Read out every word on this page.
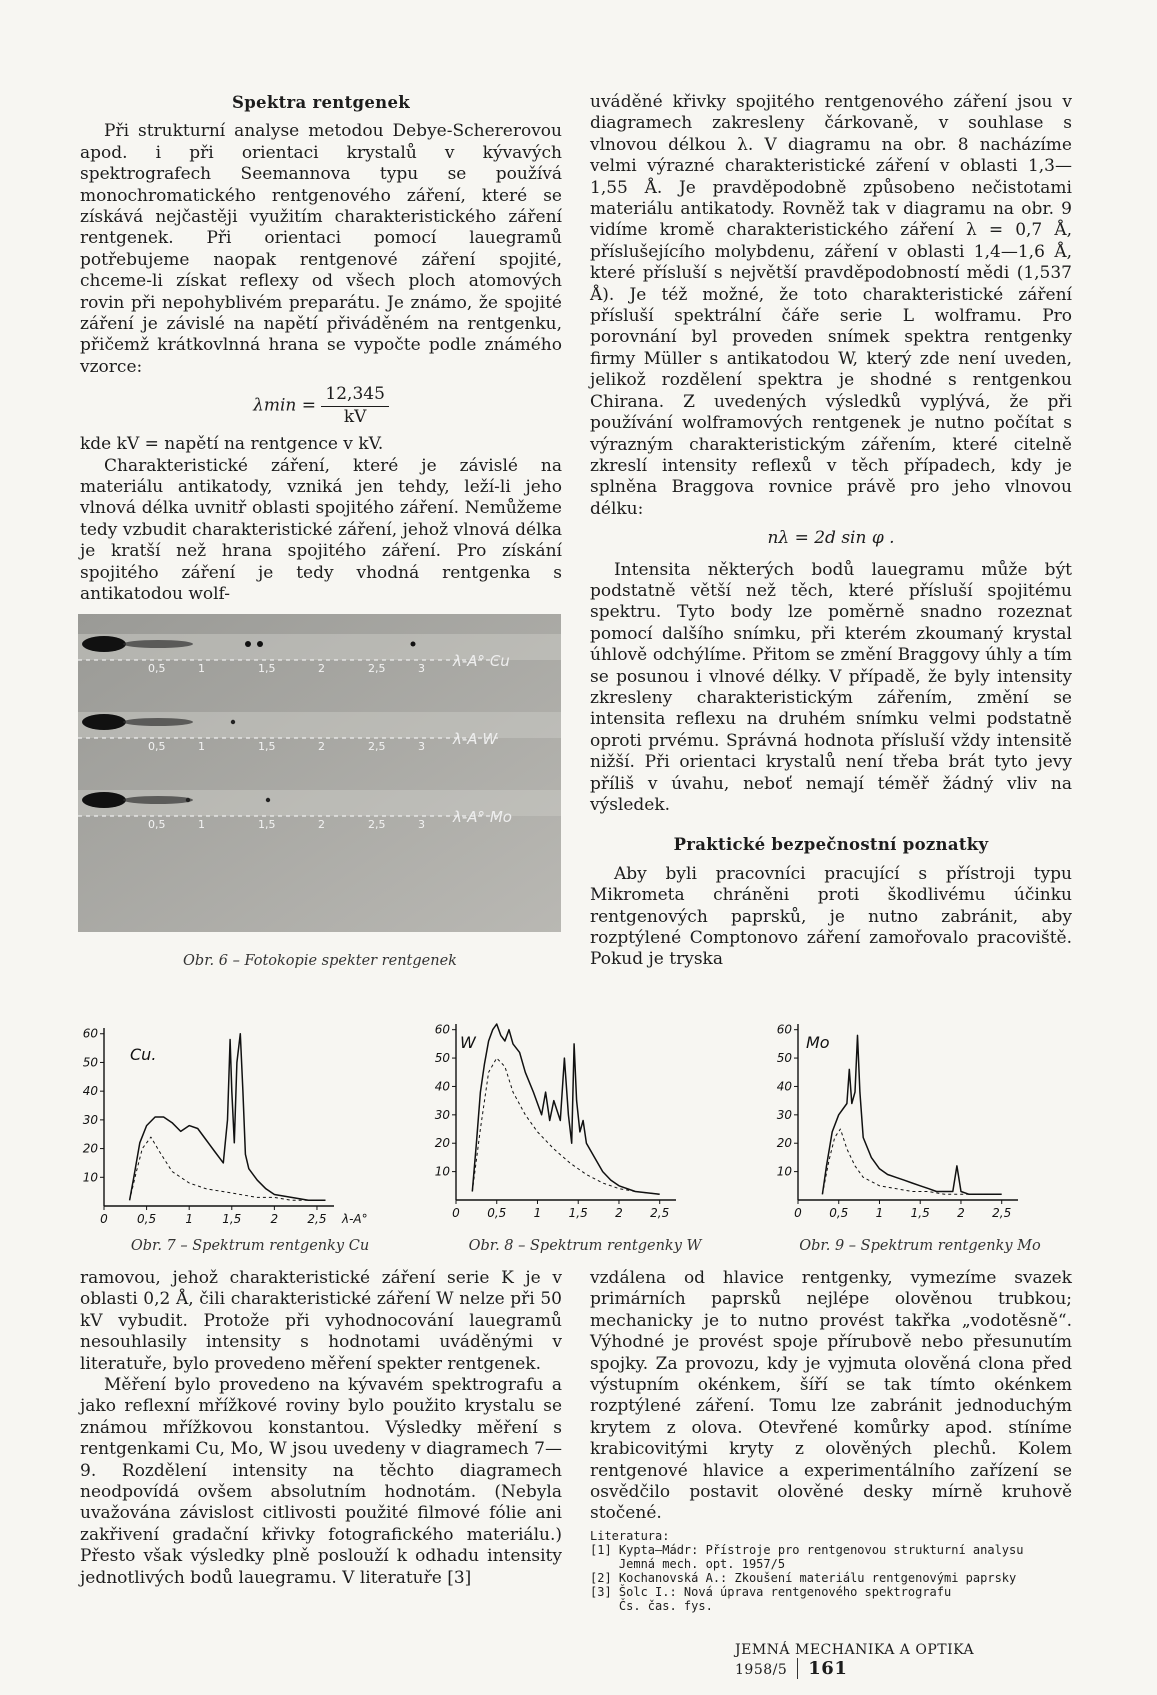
Spektra rentgenek

Při strukturní analyse metodou Debye-Schererovou apod. i při orientaci krystalů v kývavých spektrografech Seemannova typu se používá monochromatického rentgenového záření, které se získává nejčastěji využitím charakteristického záření rentgenek. Při orientaci pomocí lauegramů potřebujeme naopak rentgenové záření spojité, chceme-li získat reflexy od všech ploch atomových rovin při nepohyblivém preparátu. Je známo, že spojité záření je závislé na napětí přiváděném na rentgenku, přičemž krátkovlnná hrana se vypočte podle známého vzorce:

$\lambda\min = \frac{12,345}{kV}$

kde kV = napětí na rentgence v kV.

Charakteristické záření, které je závislé na materiálu antikatody, vzniká jen tehdy, leží-li jeho vlnová délka uvnitř oblasti spojitého záření. Nemůžeme tedy vzbudit charakteristické záření, jehož vlnová délka je kratší než hrana spojitého záření. Pro získání spojitého záření je tedy vhodná rentgenka s antikatodou wolf-

uváděné křivky spojitého rentgenového záření jsou v diagramech zakresleny čárkovaně, v souhlase s vlnovou délkou λ. V diagramu na obr. 8 nacházíme velmi výrazné charakteristické záření v oblasti 1,3—1,55 Å. Je pravděpodobně způsobeno nečistotami materiálu antikatody. Rovněž tak v diagramu na obr. 9 vidíme kromě charakteristického záření λ = 0,7 Å, příslušejícího molybdenu, záření v oblasti 1,4—1,6 Å, které přísluší s největší pravděpodobností mědi (1,537 Å). Je též možné, že toto charakteristické záření přísluší spektrální čáře serie L wolframu. Pro porovnání byl proveden snímek spektra rentgenky firmy Müller s antikatodou W, který zde není uveden, jelikož rozdělení spektra je shodné s rentgenkou Chirana. Z uvedených výsledků vyplývá, že při používání wolframových rentgenek je nutno počítat s výrazným charakteristickým zářením, které citelně zkreslí intensity reflexů v těch případech, kdy je splněna Braggova rovnice právě pro jeho vlnovou délku:

nλ = 2d sin φ .

Intensita některých bodů lauegramu může být podstatně větší než těch, které přísluší spojitému spektru. Tyto body lze poměrně snadno rozeznat pomocí dalšího snímku, při kterém zkoumaný krystal úhlově odchýlíme. Přitom se změní Braggovy úhly a tím se posunou i vlnové délky. V případě, že byly intensity zkresleny charakteristickým zářením, změní se intensita reflexu na druhém snímku velmi podstatně oproti prvému. Správná hodnota přísluší vždy intensitě nižší. Při orientaci krystalů není třeba brát tyto jevy příliš v úvahu, neboť nemají téměř žádný vliv na výsledek.

Praktické bezpečnostní poznatky

Aby byli pracovníci pracující s přístroji typu Mikrometa chráněni proti škodlivému účinku rentgenových paprsků, je nutno zabránit, aby rozptýlené Comptonovo záření zamořovalo pracoviště. Pokud je tryska

0,5	1	1,5	2	2,5	3 λ-A° Cu
0,5	1	1,5	2	2,5	3 λ-A W
0,5	1	1,5	2	2,5	3 λ-A° Mo
Obr. 6 – Fotokopie spekter rentgenek
10
20
30
40
50
60
0 0,5 1 1,5 2 2,5 λ-A°
Cu.
10
20
30
40
50
60
0 0,5 1 1,5 2 2,5
W
10
20
30
40
50
60
0 0,5 1 1,5 2 2,5
Mo
Obr. 7 – Spektrum rentgenky Cu	Obr. 8 – Spektrum rentgenky W	Obr. 9 – Spektrum rentgenky Mo

ramovou, jehož charakteristické záření serie K je v oblasti 0,2 Å, čili charakteristické záření W nelze při 50 kV vybudit. Protože při vyhodnocování lauegramů nesouhlasily intensity s hodnotami uváděnými v literatuře, bylo provedeno měření spekter rentgenek.

Měření bylo provedeno na kývavém spektrografu a jako reflexní mřížkové roviny bylo použito krystalu se známou mřížkovou konstantou. Výsledky měření s rentgenkami Cu, Mo, W jsou uvedeny v diagramech 7—9. Rozdělení intensity na těchto diagramech neodpovídá ovšem absolutním hodnotám. (Nebyla uvažována závislost citlivosti použité filmové fólie ani zakřivení gradační křivky fotografického materiálu.) Přesto však výsledky plně poslouží k odhadu intensity jednotlivých bodů lauegramu. V literatuře [3]

vzdálena od hlavice rentgenky, vymezíme svazek primárních paprsků nejlépe olověnou trubkou; mechanicky je to nutno provést takřka „vodotěsně“. Výhodné je provést spoje přírubově nebo přesunutím spojky. Za provozu, kdy je vyjmuta olověná clona před výstupním okénkem, šíří se tak tímto okénkem rozptýlené záření. Tomu lze zabránit jednoduchým krytem z olova. Otevřené komůrky apod. stíníme krabicovitými kryty z olověných plechů. Kolem rentgenové hlavice a experimentálního zařízení se osvědčilo postavit olověné desky mírně kruhově stočené.

Literatura:
[1] Kypta–Mádr: Přístroje pro rentgenovou strukturní analysu
Jemná mech. opt. 1957/5
[2] Kochanovská A.: Zkoušení materiálu rentgenovými paprsky
[3] Šolc I.: Nová úprava rentgenového spektrografu
Čs. čas. fys.
JEMNÁ MECHANIKA A OPTIKA 1958/5 161
